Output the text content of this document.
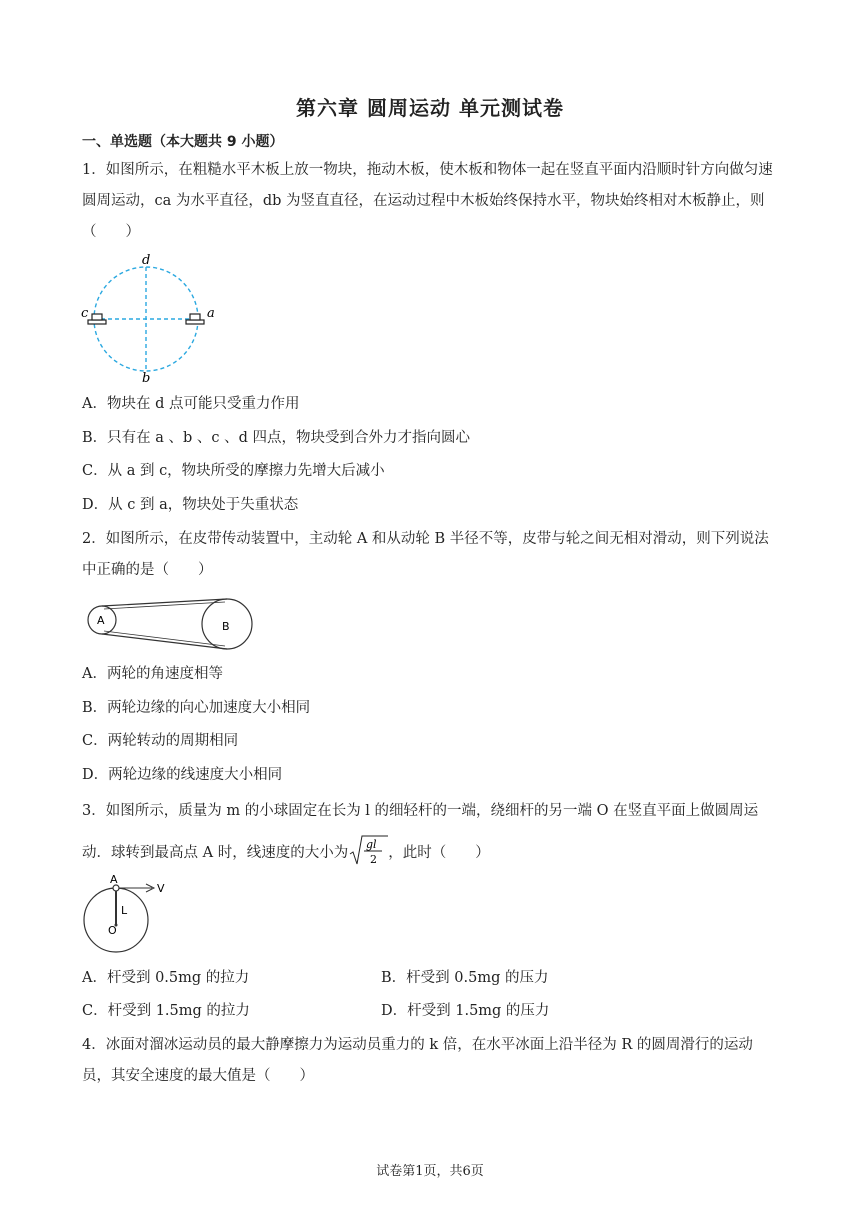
第六章 圆周运动 单元测试卷
一、单选题（本大题共 9 小题）
1．如图所示，在粗糙水平木板上放一物块，拖动木板，使木板和物体一起在竖直平面内沿顺时针方向做匀速圆周运动，ca 为水平直径，db 为竖直直径，在运动过程中木板始终保持水平，物块始终相对木板静止，则（　　）
d
c	a
b
A．物块在 d 点可能只受重力作用
B．只有在 a 、b 、c 、d 四点，物块受到合外力才指向圆心
C．从 a 到 c，物块所受的摩擦力先增大后减小
D．从 c 到 a，物块处于失重状态
2．如图所示，在皮带传动装置中，主动轮 A 和从动轮 B 半径不等，皮带与轮之间无相对滑动，则下列说法中正确的是（　　）
A	B
A．两轮的角速度相等
B．两轮边缘的向心加速度大小相同
C．两轮转动的周期相同
D．两轮边缘的线速度大小相同
3．如图所示，质量为 m 的小球固定在长为 l 的细轻杆的一端，绕细杆的另一端 O 在竖直平面上做圆周运
动．球转到最高点 A 时，线速度的大小为
gl
2 ，此时（　　）
A
V
L
O
A．杆受到 0.5mg 的拉力	B．杆受到 0.5mg 的压力
C．杆受到 1.5mg 的拉力	D．杆受到 1.5mg 的压力
4．冰面对溜冰运动员的最大静摩擦力为运动员重力的 k 倍，在水平冰面上沿半径为 R 的圆周滑行的运动员，其安全速度的最大值是（　　）
试卷第1页，共6页
